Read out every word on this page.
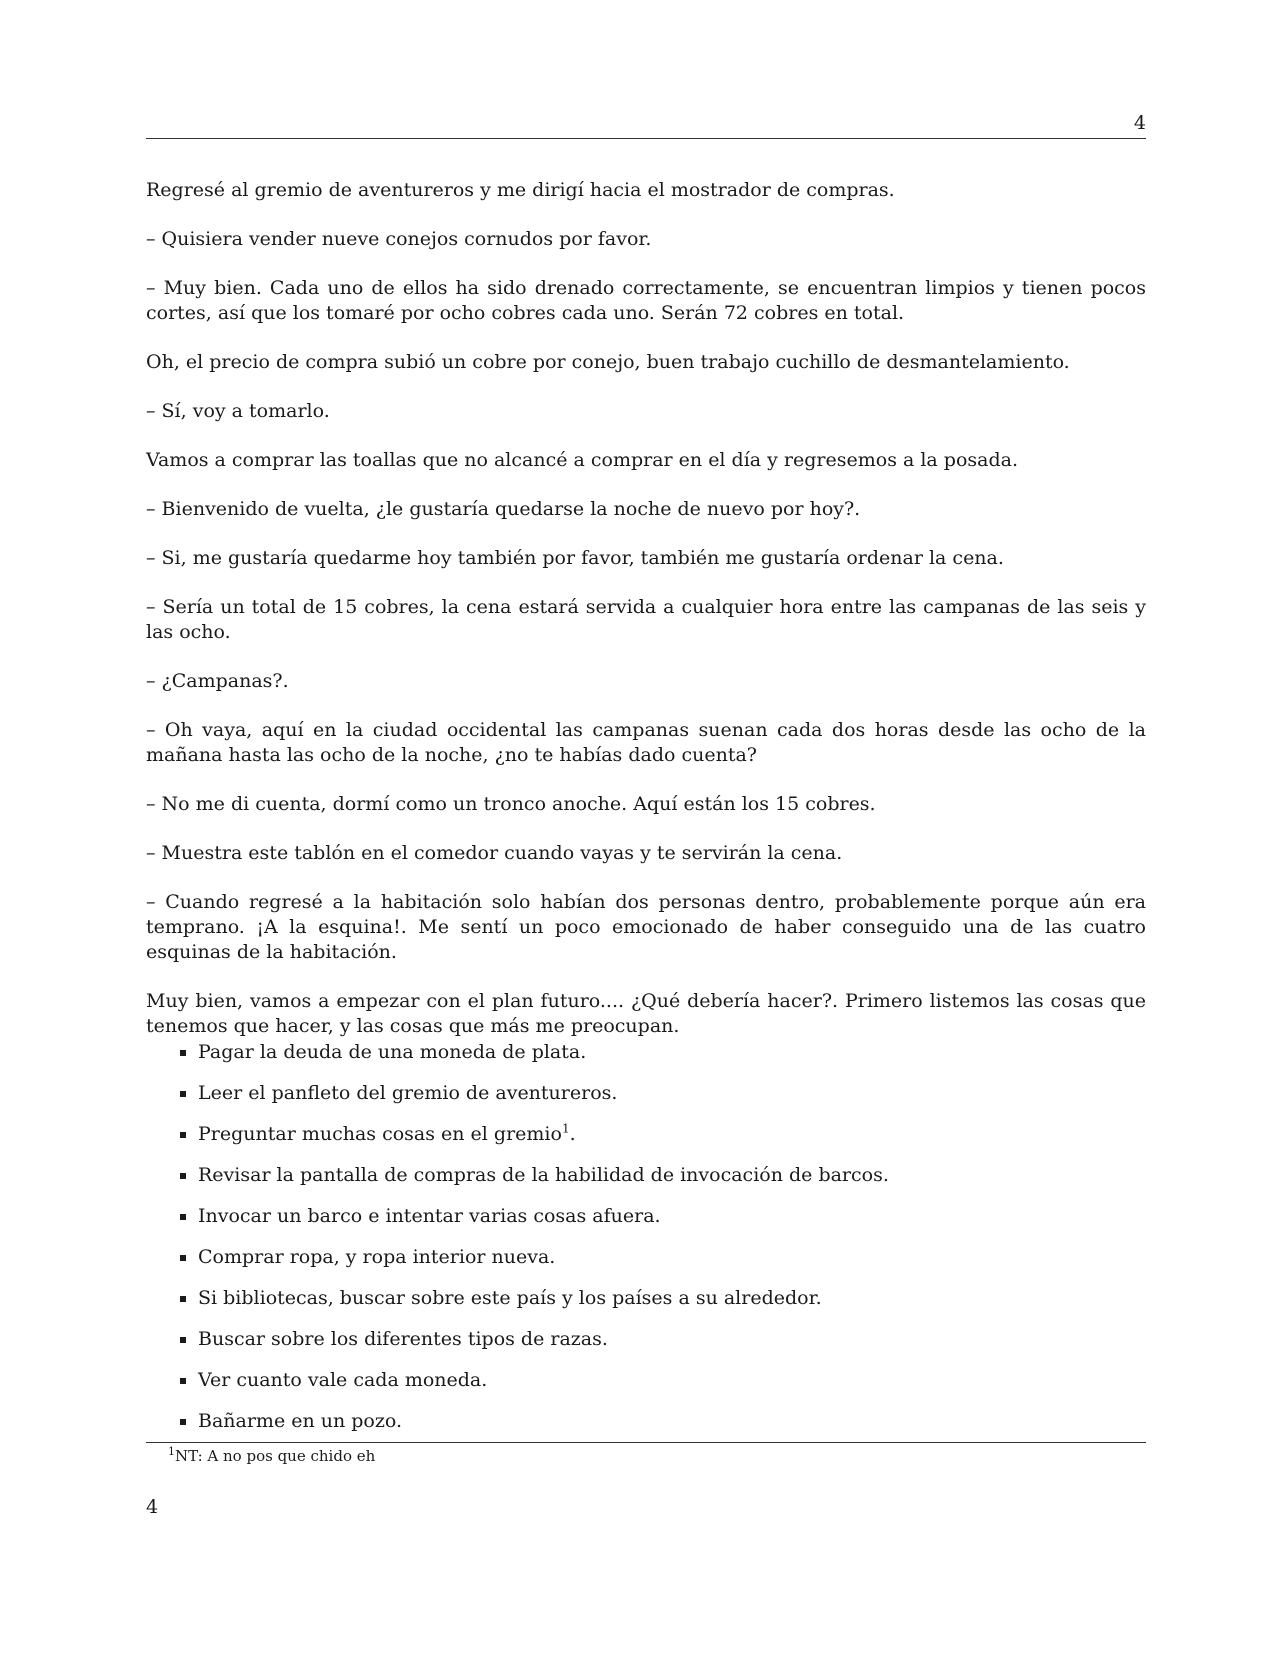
4

Regresé al gremio de aventureros y me dirigí hacia el mostrador de compras.

– Quisiera vender nueve conejos cornudos por favor.

– Muy bien. Cada uno de ellos ha sido drenado correctamente, se encuentran limpios y tienen pocos cortes, así que los tomaré por ocho cobres cada uno. Serán 72 cobres en total.

Oh, el precio de compra subió un cobre por conejo, buen trabajo cuchillo de desmantelamiento.

– Sí, voy a tomarlo.

Vamos a comprar las toallas que no alcancé a comprar en el día y regresemos a la posada.

– Bienvenido de vuelta, ¿le gustaría quedarse la noche de nuevo por hoy?.

– Si, me gustaría quedarme hoy también por favor, también me gustaría ordenar la cena.

– Sería un total de 15 cobres, la cena estará servida a cualquier hora entre las campanas de las seis y las ocho.

– ¿Campanas?.

– Oh vaya, aquí en la ciudad occidental las campanas suenan cada dos horas desde las ocho de la mañana hasta las ocho de la noche, ¿no te habías dado cuenta?

– No me di cuenta, dormí como un tronco anoche. Aquí están los 15 cobres.

– Muestra este tablón en el comedor cuando vayas y te servirán la cena.

– Cuando regresé a la habitación solo habían dos personas dentro, probablemente porque aún era temprano. ¡A la esquina!. Me sentí un poco emocionado de haber conseguido una de las cuatro esquinas de la habitación.

Muy bien, vamos a empezar con el plan futuro.... ¿Qué debería hacer?. Primero listemos las cosas que tenemos que hacer, y las cosas que más me preocupan.

Pagar la deuda de una moneda de plata.
Leer el panfleto del gremio de aventureros.
Preguntar muchas cosas en el gremio$^1$.
Revisar la pantalla de compras de la habilidad de invocación de barcos.
Invocar un barco e intentar varias cosas afuera.
Comprar ropa, y ropa interior nueva.
Si bibliotecas, buscar sobre este país y los países a su alrededor.
Buscar sobre los diferentes tipos de razas.
Ver cuanto vale cada moneda.
Bañarme en un pozo.
$^1$NT: A no pos que chido eh
4
